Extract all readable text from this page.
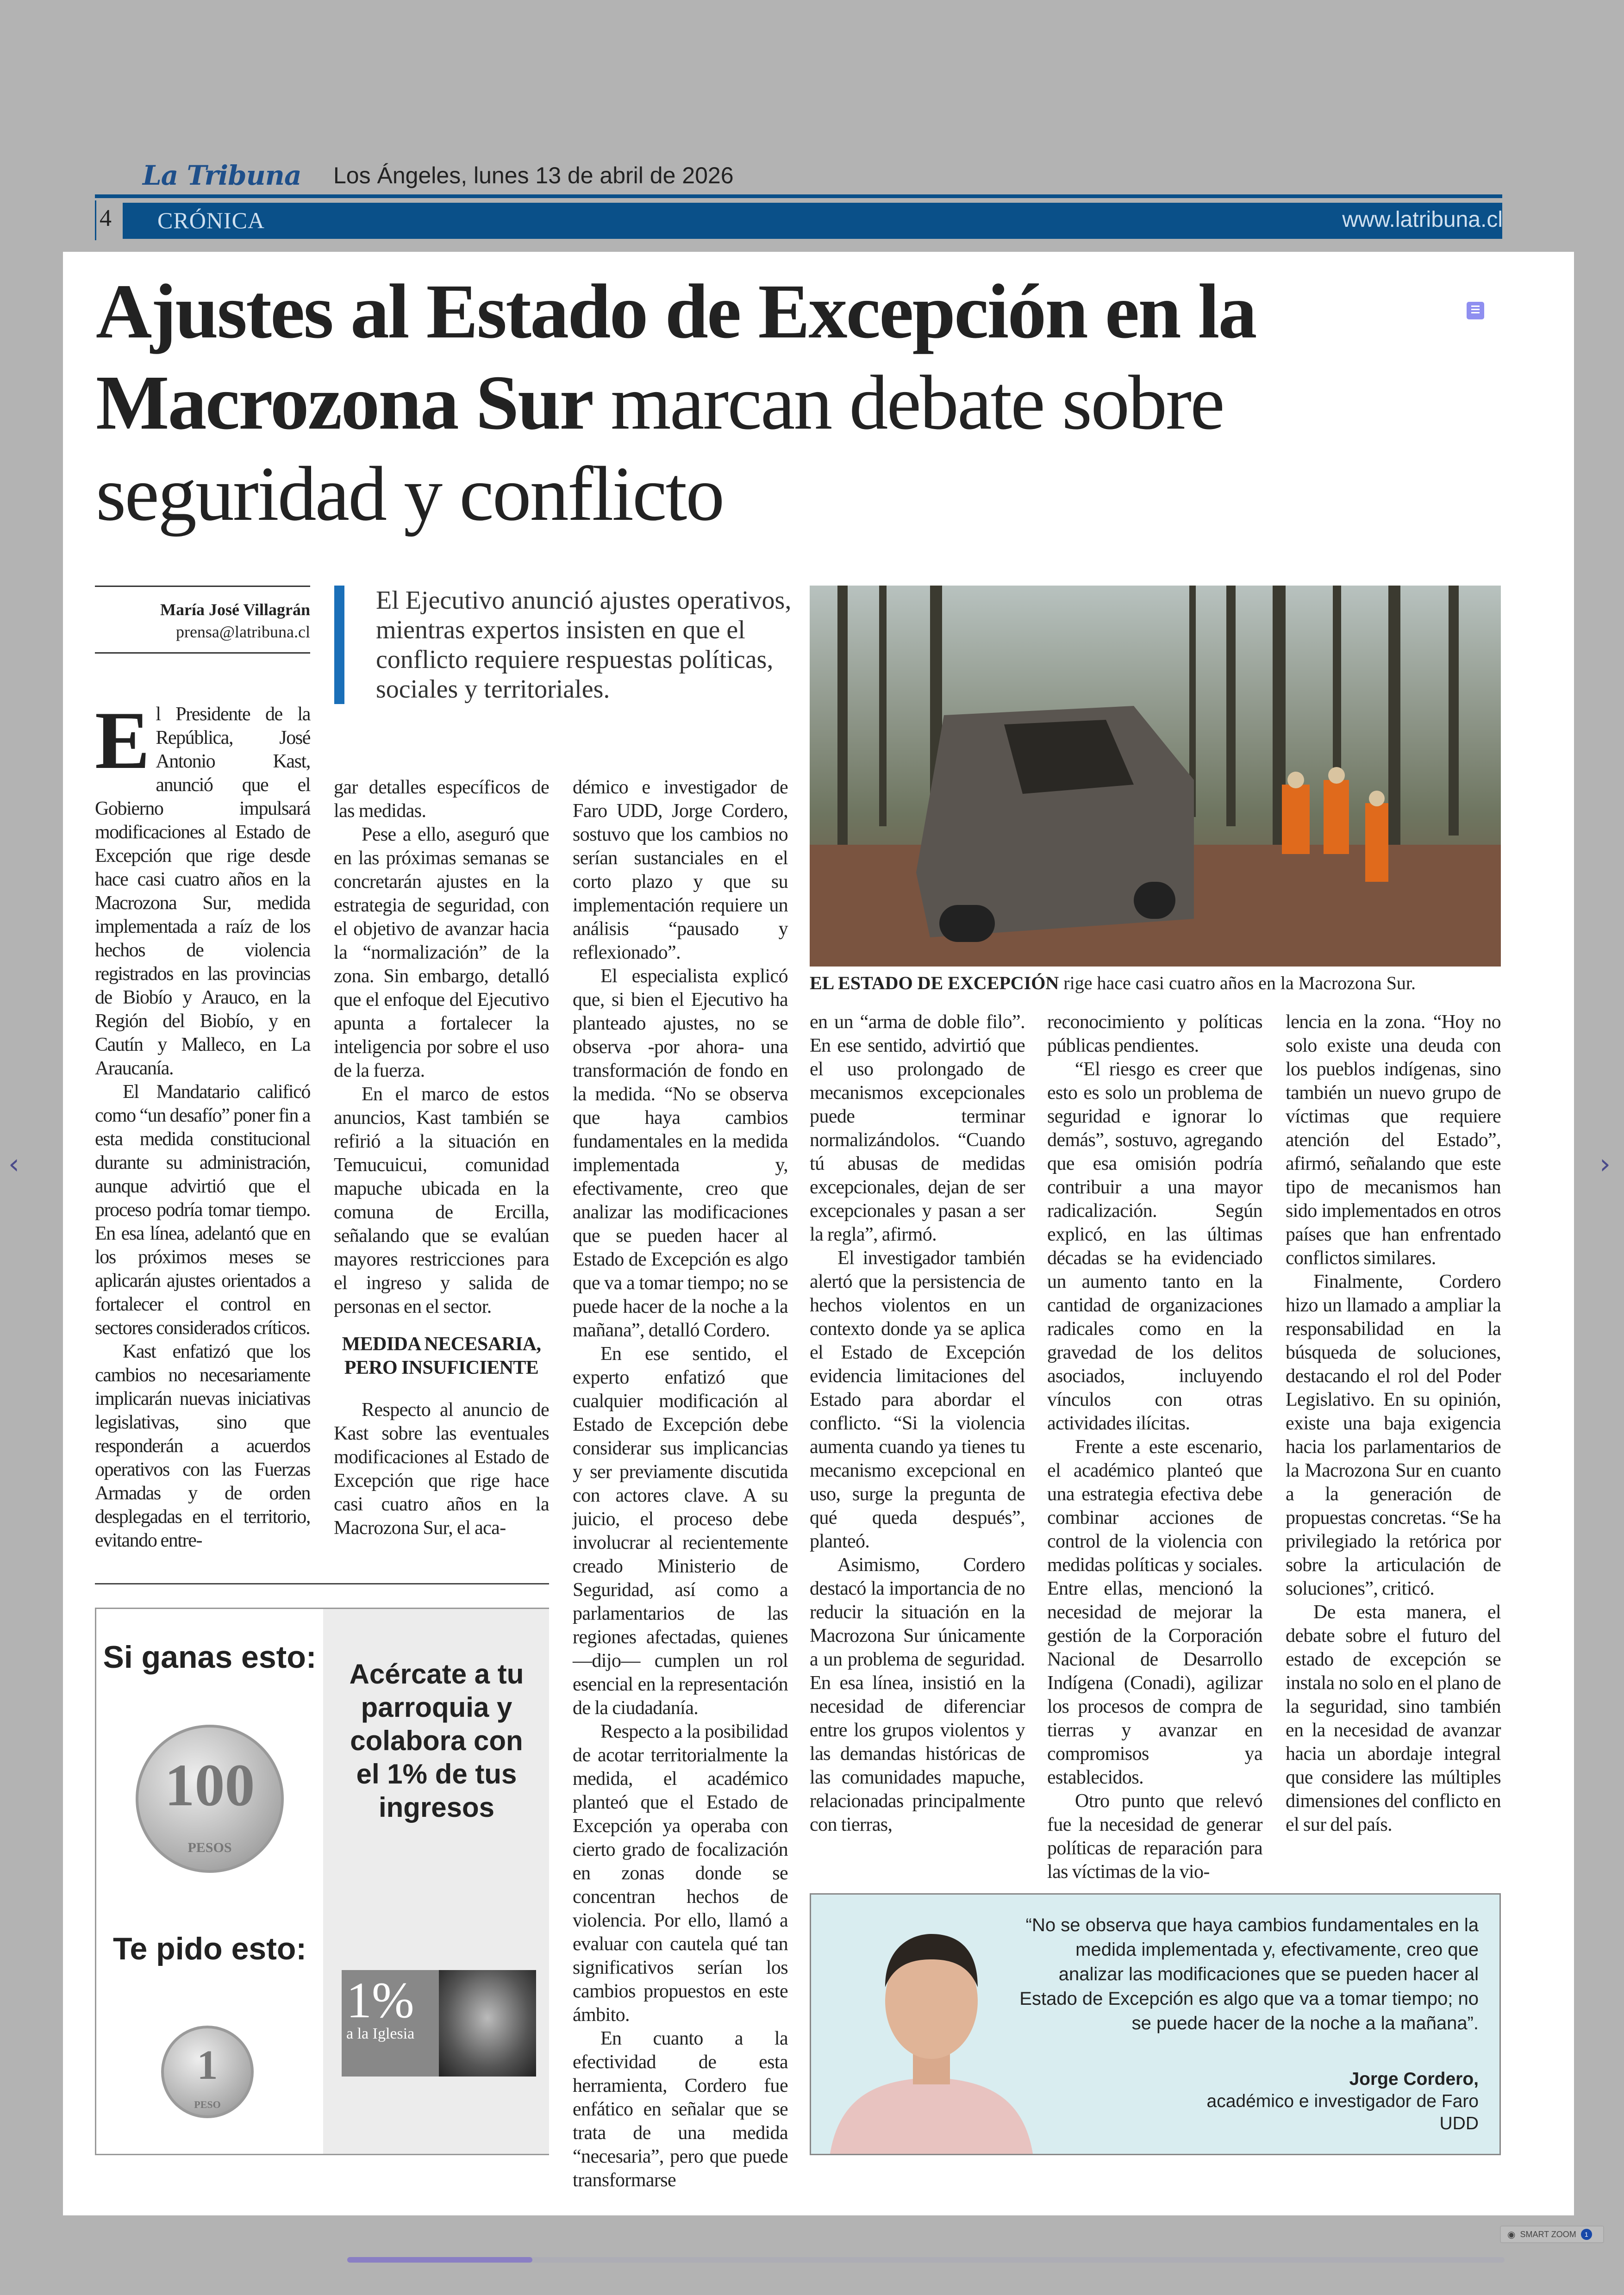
La Tribuna Los Ángeles, lunes 13 de abril de 2026
4 CRÓNICA	www.latribuna.cl
Ajustes al Estado de Excepción en la
Macrozona Sur marcan debate sobre
seguridad y conflicto
María José Villagrán
prensa@latribuna.cl
El Ejecutivo anunció ajustes operativos, mientras expertos insisten en que el conflicto requiere respuestas políticas, sociales y territoriales.
EL ESTADO DE EXCEPCIÓN rige hace casi cuatro años en la Macrozona Sur.

El Presidente de la República, José Antonio Kast, anunció que el Gobierno impulsará modificaciones al Estado de Excepción que rige desde hace casi cuatro años en la Macrozona Sur, medida implementada a raíz de los hechos de violencia registrados en las provincias de Biobío y Arauco, en la Región del Biobío, y en Cautín y Malleco, en La Araucanía.

El Mandatario calificó como “un desafío” poner fin a esta medida constitucional durante su administración, aunque advirtió que el proceso podría tomar tiempo. En esa línea, adelantó que en los próximos meses se aplicarán ajustes orientados a fortalecer el control en sectores considerados críticos.

Kast enfatizó que los cambios no necesariamente implicarán nuevas iniciativas legislativas, sino que responderán a acuerdos operativos con las Fuerzas Armadas y de orden desplegadas en el territorio, evitando entre-

gar detalles específicos de las medidas.

Pese a ello, aseguró que en las próximas semanas se concretarán ajustes en la estrategia de seguridad, con el objetivo de avanzar hacia la “normalización” de la zona. Sin embargo, detalló que el enfoque del Ejecutivo apunta a fortalecer la inteligencia por sobre el uso de la fuerza.

En el marco de estos anuncios, Kast también se refirió a la situación en Temucuicui, comunidad mapuche ubicada en la comuna de Ercilla, señalando que se evalúan mayores restricciones para el ingreso y salida de personas en el sector.

MEDIDA NECESARIA, PERO INSUFICIENTE

Respecto al anuncio de Kast sobre las eventuales modificaciones al Estado de Excepción que rige hace casi cuatro años en la Macrozona Sur, el aca-

démico e investigador de Faro UDD, Jorge Cordero, sostuvo que los cambios no serían sustanciales en el corto plazo y que su implementación requiere un análisis “pausado y reflexionado”.

El especialista explicó que, si bien el Ejecutivo ha planteado ajustes, no se observa -por ahora- una transformación de fondo en la medida. “No se observa que haya cambios fundamentales en la medida implementada y, efectivamente, creo que analizar las modificaciones que se pueden hacer al Estado de Excepción es algo que va a tomar tiempo; no se puede hacer de la noche a la mañana”, detalló Cordero.

En ese sentido, el experto enfatizó que cualquier modificación al Estado de Excepción debe considerar sus implicancias y ser previamente discutida con actores clave. A su juicio, el proceso debe involucrar al recientemente creado Ministerio de Seguridad, así como a parlamentarios de las regiones afectadas, quienes —dijo— cumplen un rol esencial en la representación de la ciudadanía.

Respecto a la posibilidad de acotar territorialmente la medida, el académico planteó que el Estado de Excepción ya operaba con cierto grado de focalización en zonas donde se concentran hechos de violencia. Por ello, llamó a evaluar con cautela qué tan significativos serían los cambios propuestos en este ámbito.

En cuanto a la efectividad de esta herramienta, Cordero fue enfático en señalar que se trata de una medida “necesaria”, pero que puede transformarse

en un “arma de doble filo”. En ese sentido, advirtió que el uso prolongado de mecanismos excepcionales puede terminar normalizándolos. “Cuando tú abusas de medidas excepcionales, dejan de ser excepcionales y pasan a ser la regla”, afirmó.

El investigador también alertó que la persistencia de hechos violentos en un contexto donde ya se aplica el Estado de Excepción evidencia limitaciones del Estado para abordar el conflicto. “Si la violencia aumenta cuando ya tienes tu mecanismo excepcional en uso, surge la pregunta de qué queda después”, planteó.

Asimismo, Cordero destacó la importancia de no reducir la situación en la Macrozona Sur únicamente a un problema de seguridad. En esa línea, insistió en la necesidad de diferenciar entre los grupos violentos y las demandas históricas de las comunidades mapuche, relacionadas principalmente con tierras,

reconocimiento y políticas públicas pendientes.

“El riesgo es creer que esto es solo un problema de seguridad e ignorar lo demás”, sostuvo, agregando que esa omisión podría contribuir a una mayor radicalización. Según explicó, en las últimas décadas se ha evidenciado un aumento tanto en la cantidad de organizaciones radicales como en la gravedad de los delitos asociados, incluyendo vínculos con otras actividades ilícitas.

Frente a este escenario, el académico planteó que una estrategia efectiva debe combinar acciones de control de la violencia con medidas políticas y sociales. Entre ellas, mencionó la necesidad de mejorar la gestión de la Corporación Nacional de Desarrollo Indígena (Conadi), agilizar los procesos de compra de tierras y avanzar en compromisos ya establecidos.

Otro punto que relevó fue la necesidad de generar políticas de reparación para las víctimas de la vio-

lencia en la zona. “Hoy no solo existe una deuda con los pueblos indígenas, sino también un nuevo grupo de víctimas que requiere atención del Estado”, afirmó, señalando que este tipo de mecanismos han sido implementados en otros países que han enfrentado conflictos similares.

Finalmente, Cordero hizo un llamado a ampliar la responsabilidad en la búsqueda de soluciones, destacando el rol del Poder Legislativo. En su opinión, existe una baja exigencia hacia los parlamentarios de la Macrozona Sur en cuanto a la generación de propuestas concretas. “Se ha privilegiado la retórica por sobre la articulación de soluciones”, criticó.

De esta manera, el debate sobre el futuro del estado de excepción se instala no solo en el plano de la seguridad, sino también en la necesidad de avanzar hacia un abordaje integral que considere las múltiples dimensiones del conflicto en el sur del país.

Si ganas esto:
100
PESOS
Te pido esto:
1
PESO
Acércate a tu parroquia y colabora con el 1% de tus ingresos
1%
a la Iglesia
“No se observa que haya cambios fundamentales en la medida implementada y, efectivamente, creo que analizar las modificaciones que se pueden hacer al Estado de Excepción es algo que va a tomar tiempo; no se puede hacer de la noche a la mañana”.
Jorge Cordero,
académico e investigador de Faro UDD
‹	›
◉ SMART ZOOM	1
